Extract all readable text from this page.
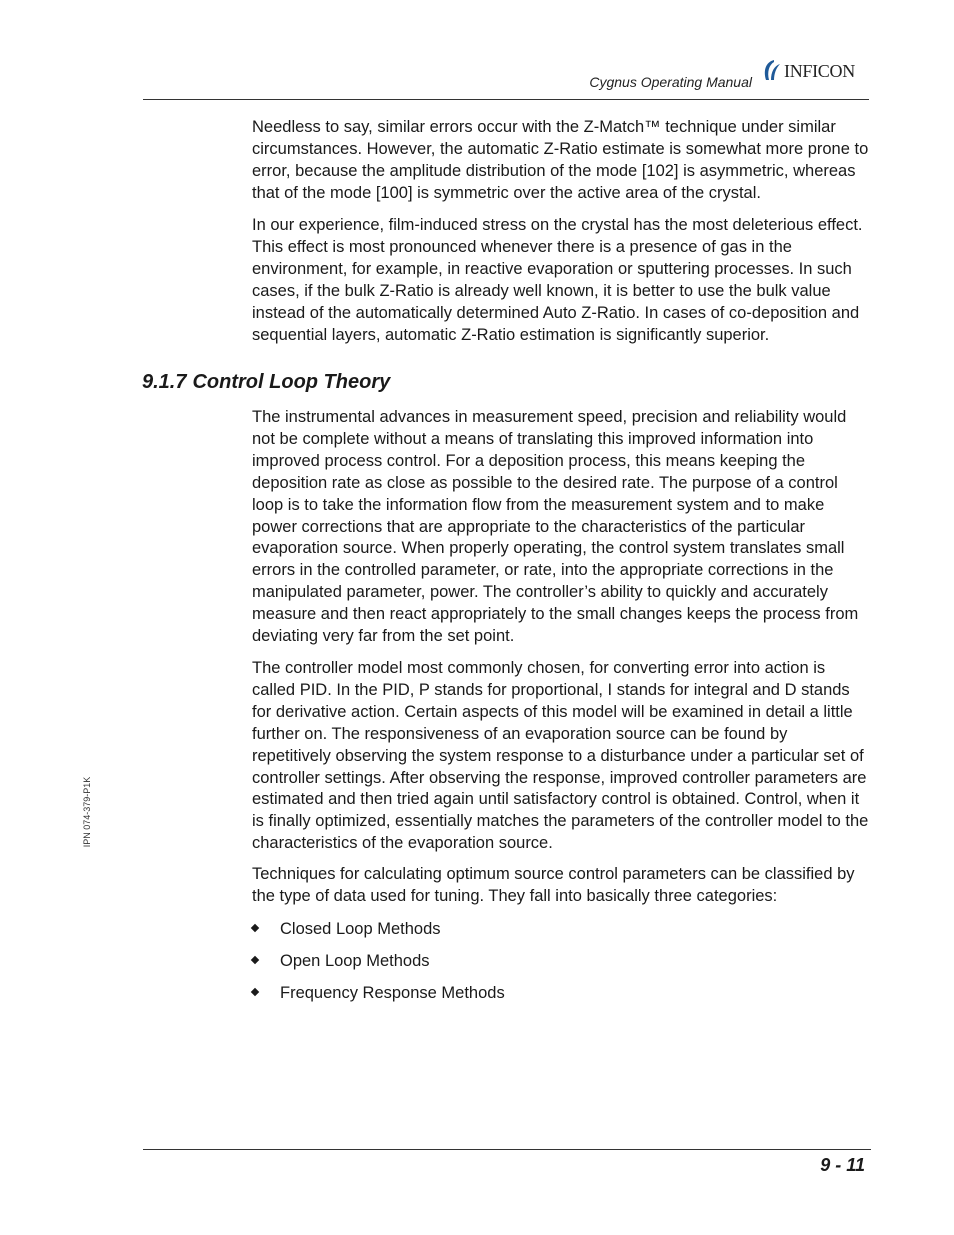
Cygnus Operating Manual
INFICON

Needless to say, similar errors occur with the Z-Match™ technique under similar circumstances. However, the automatic Z-Ratio estimate is somewhat more prone to error, because the amplitude distribution of the mode [102] is asymmetric, whereas that of the mode [100] is symmetric over the active area of the crystal.

In our experience, film-induced stress on the crystal has the most deleterious effect. This effect is most pronounced whenever there is a presence of gas in the environment, for example, in reactive evaporation or sputtering processes. In such cases, if the bulk Z-Ratio is already well known, it is better to use the bulk value instead of the automatically determined Auto Z-Ratio. In cases of co-deposition and sequential layers, automatic Z-Ratio estimation is significantly superior.

9.1.7 Control Loop Theory

The instrumental advances in measurement speed, precision and reliability would not be complete without a means of translating this improved information into improved process control. For a deposition process, this means keeping the deposition rate as close as possible to the desired rate. The purpose of a control loop is to take the information flow from the measurement system and to make power corrections that are appropriate to the characteristics of the particular evaporation source. When properly operating, the control system translates small errors in the controlled parameter, or rate, into the appropriate corrections in the manipulated parameter, power. The controller’s ability to quickly and accurately measure and then react appropriately to the small changes keeps the process from deviating very far from the set point.

The controller model most commonly chosen, for converting error into action is called PID. In the PID, P stands for proportional, I stands for integral and D stands for derivative action. Certain aspects of this model will be examined in detail a little further on. The responsiveness of an evaporation source can be found by repetitively observing the system response to a disturbance under a particular set of controller settings. After observing the response, improved controller parameters are estimated and then tried again until satisfactory control is obtained. Control, when it is finally optimized, essentially matches the parameters of the controller model to the characteristics of the evaporation source.

Techniques for calculating optimum source control parameters can be classified by the type of data used for tuning. They fall into basically three categories:

Closed Loop Methods
Open Loop Methods
Frequency Response Methods
IPN 074-379-P1K
9 - 11
